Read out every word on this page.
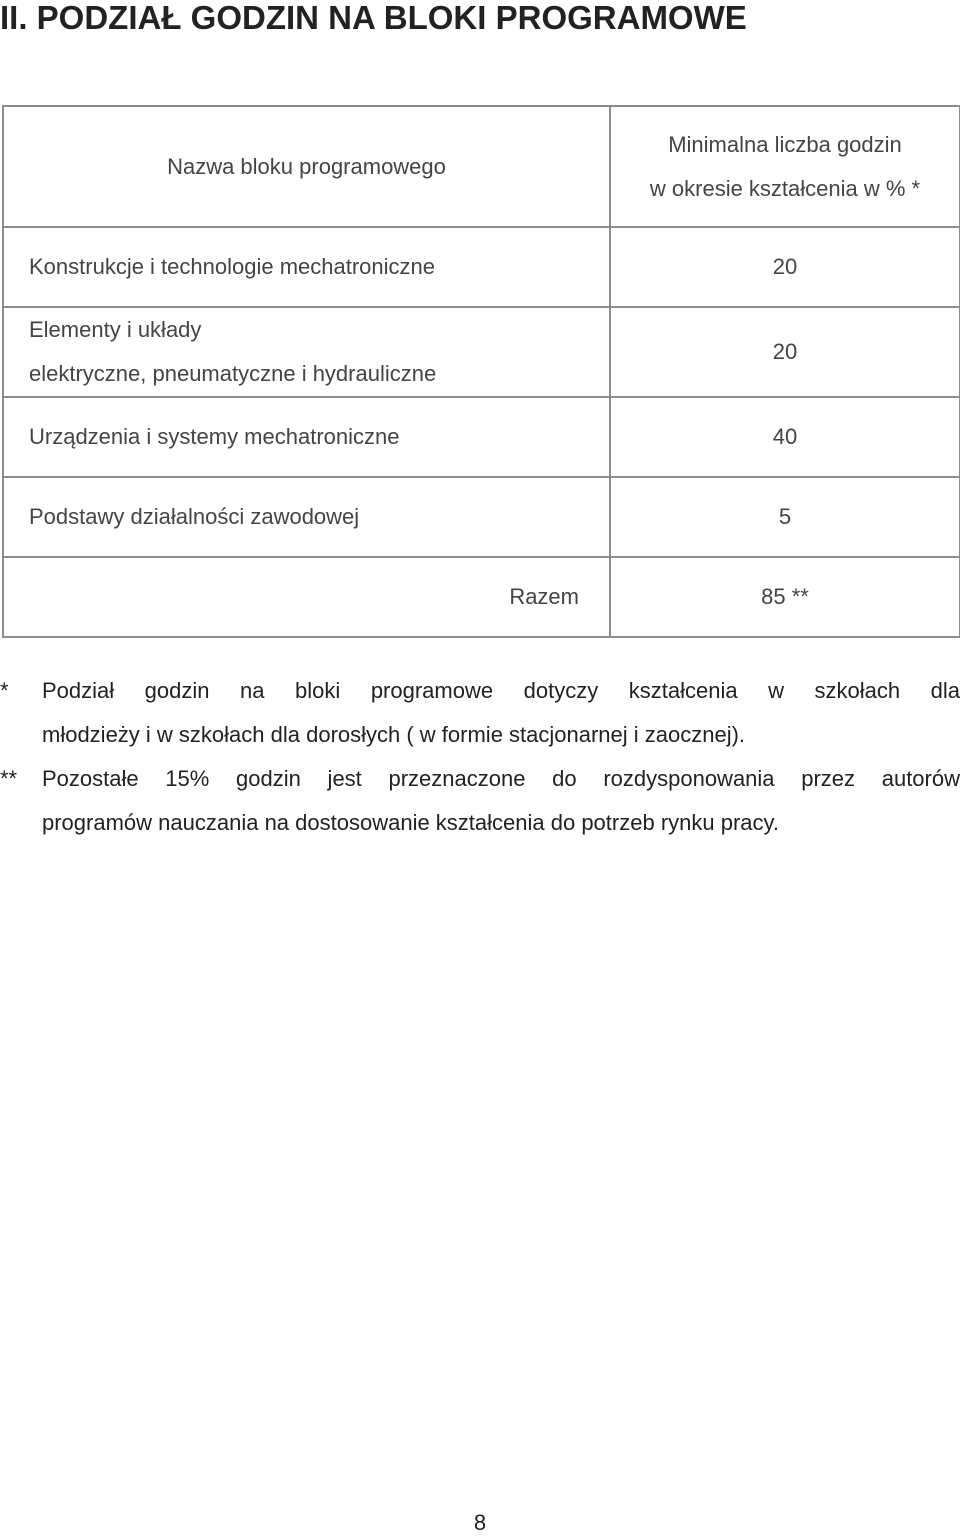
II. PODZIAŁ GODZIN NA BLOKI PROGRAMOWE
Nazwa bloku programowego	Minimalna liczba godzin
w okresie kształcenia w % *

Konstrukcje i technologie mechatroniczne	20

Elementy i układy
elektryczne, pneumatyczne i hydrauliczne	20

Urządzenia i systemy mechatroniczne	40

Podstawy działalności zawodowej	5
Razem	85 **
* Podział godzin na bloki programowe dotyczy kształcenia w szkołach dla
młodzieży i w szkołach dla dorosłych ( w formie stacjonarnej i zaocznej).
** Pozostałe 15% godzin jest przeznaczone do rozdysponowania przez autorów
programów nauczania na dostosowanie kształcenia do potrzeb rynku pracy.
8
